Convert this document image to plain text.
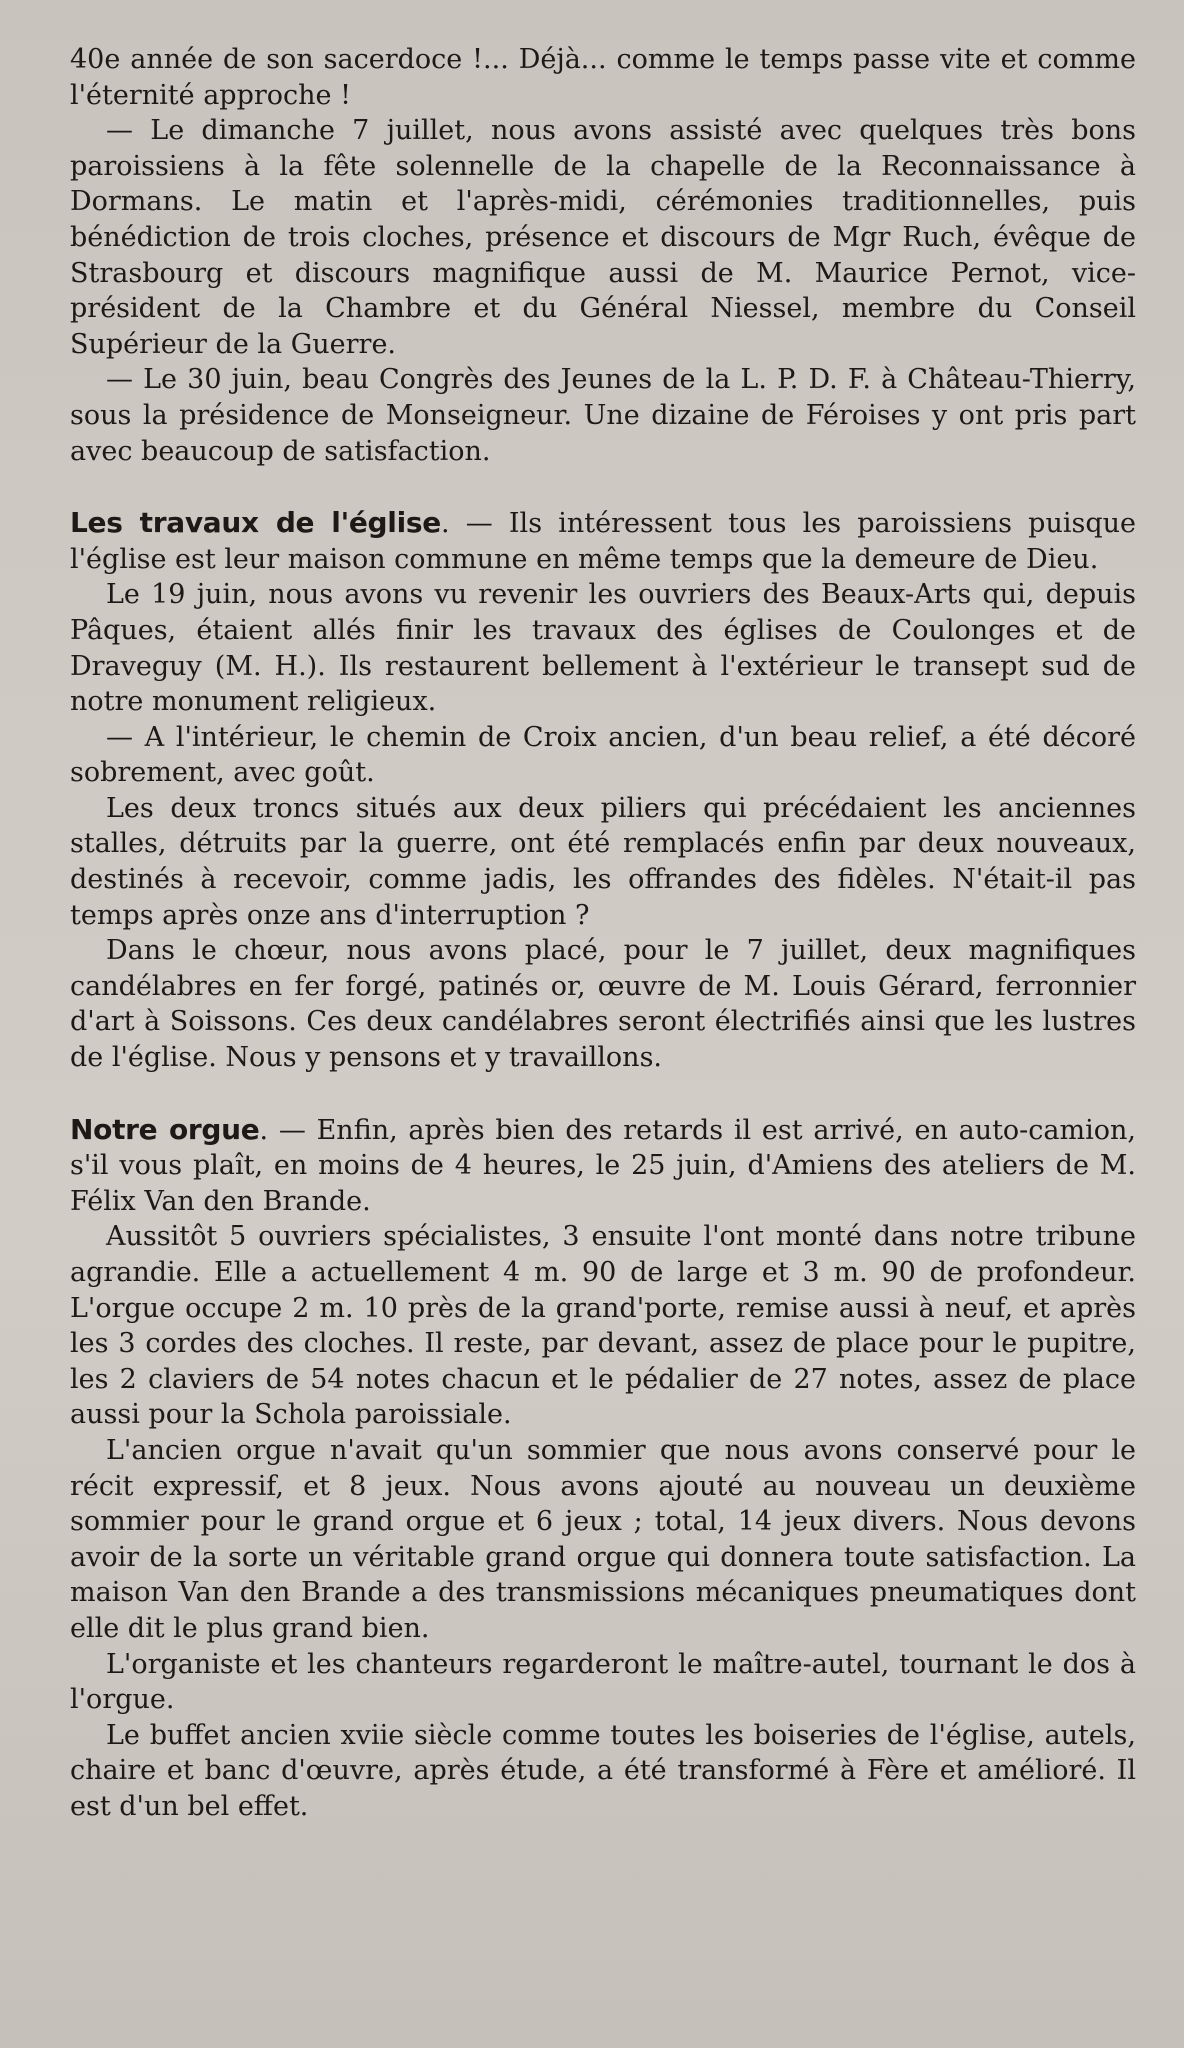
40e année de son sacerdoce !... Déjà... comme le temps passe vite et comme l'éternité approche !

— Le dimanche 7 juillet, nous avons assisté avec quelques très bons paroissiens à la fête solennelle de la chapelle de la Reconnaissance à Dormans. Le matin et l'après-midi, cérémonies traditionnelles, puis bénédiction de trois cloches, présence et discours de Mgr Ruch, évêque de Strasbourg et discours magnifique aussi de M. Maurice Pernot, vice-président de la Chambre et du Général Niessel, membre du Conseil Supérieur de la Guerre.

— Le 30 juin, beau Congrès des Jeunes de la L. P. D. F. à Château-Thierry, sous la présidence de Monseigneur. Une dizaine de Féroises y ont pris part avec beaucoup de satisfaction.

Les travaux de l'église. — Ils intéressent tous les paroissiens puisque l'église est leur maison commune en même temps que la demeure de Dieu.

Le 19 juin, nous avons vu revenir les ouvriers des Beaux-Arts qui, depuis Pâques, étaient allés finir les travaux des églises de Coulonges et de Draveguy (M. H.). Ils restaurent bellement à l'extérieur le transept sud de notre monument religieux.

— A l'intérieur, le chemin de Croix ancien, d'un beau relief, a été décoré sobrement, avec goût.

Les deux troncs situés aux deux piliers qui précédaient les anciennes stalles, détruits par la guerre, ont été remplacés enfin par deux nouveaux, destinés à recevoir, comme jadis, les offrandes des fidèles. N'était-il pas temps après onze ans d'interruption ?

Dans le chœur, nous avons placé, pour le 7 juillet, deux magnifiques candélabres en fer forgé, patinés or, œuvre de M. Louis Gérard, ferronnier d'art à Soissons. Ces deux candélabres seront électrifiés ainsi que les lustres de l'église. Nous y pensons et y travaillons.

Notre orgue. — Enfin, après bien des retards il est arrivé, en auto-camion, s'il vous plaît, en moins de 4 heures, le 25 juin, d'Amiens des ateliers de M. Félix Van den Brande.

Aussitôt 5 ouvriers spécialistes, 3 ensuite l'ont monté dans notre tribune agrandie. Elle a actuellement 4 m. 90 de large et 3 m. 90 de profondeur. L'orgue occupe 2 m. 10 près de la grand'porte, remise aussi à neuf, et après les 3 cordes des cloches. Il reste, par devant, assez de place pour le pupitre, les 2 claviers de 54 notes chacun et le pédalier de 27 notes, assez de place aussi pour la Schola paroissiale.

L'ancien orgue n'avait qu'un sommier que nous avons conservé pour le récit expressif, et 8 jeux. Nous avons ajouté au nouveau un deuxième sommier pour le grand orgue et 6 jeux ; total, 14 jeux divers. Nous devons avoir de la sorte un véritable grand orgue qui donnera toute satisfaction. La maison Van den Brande a des transmissions mécaniques pneumatiques dont elle dit le plus grand bien.

L'organiste et les chanteurs regarderont le maître-autel, tournant le dos à l'orgue.

Le buffet ancien xviie siècle comme toutes les boiseries de l'église, autels, chaire et banc d'œuvre, après étude, a été transformé à Fère et amélioré. Il est d'un bel effet.
